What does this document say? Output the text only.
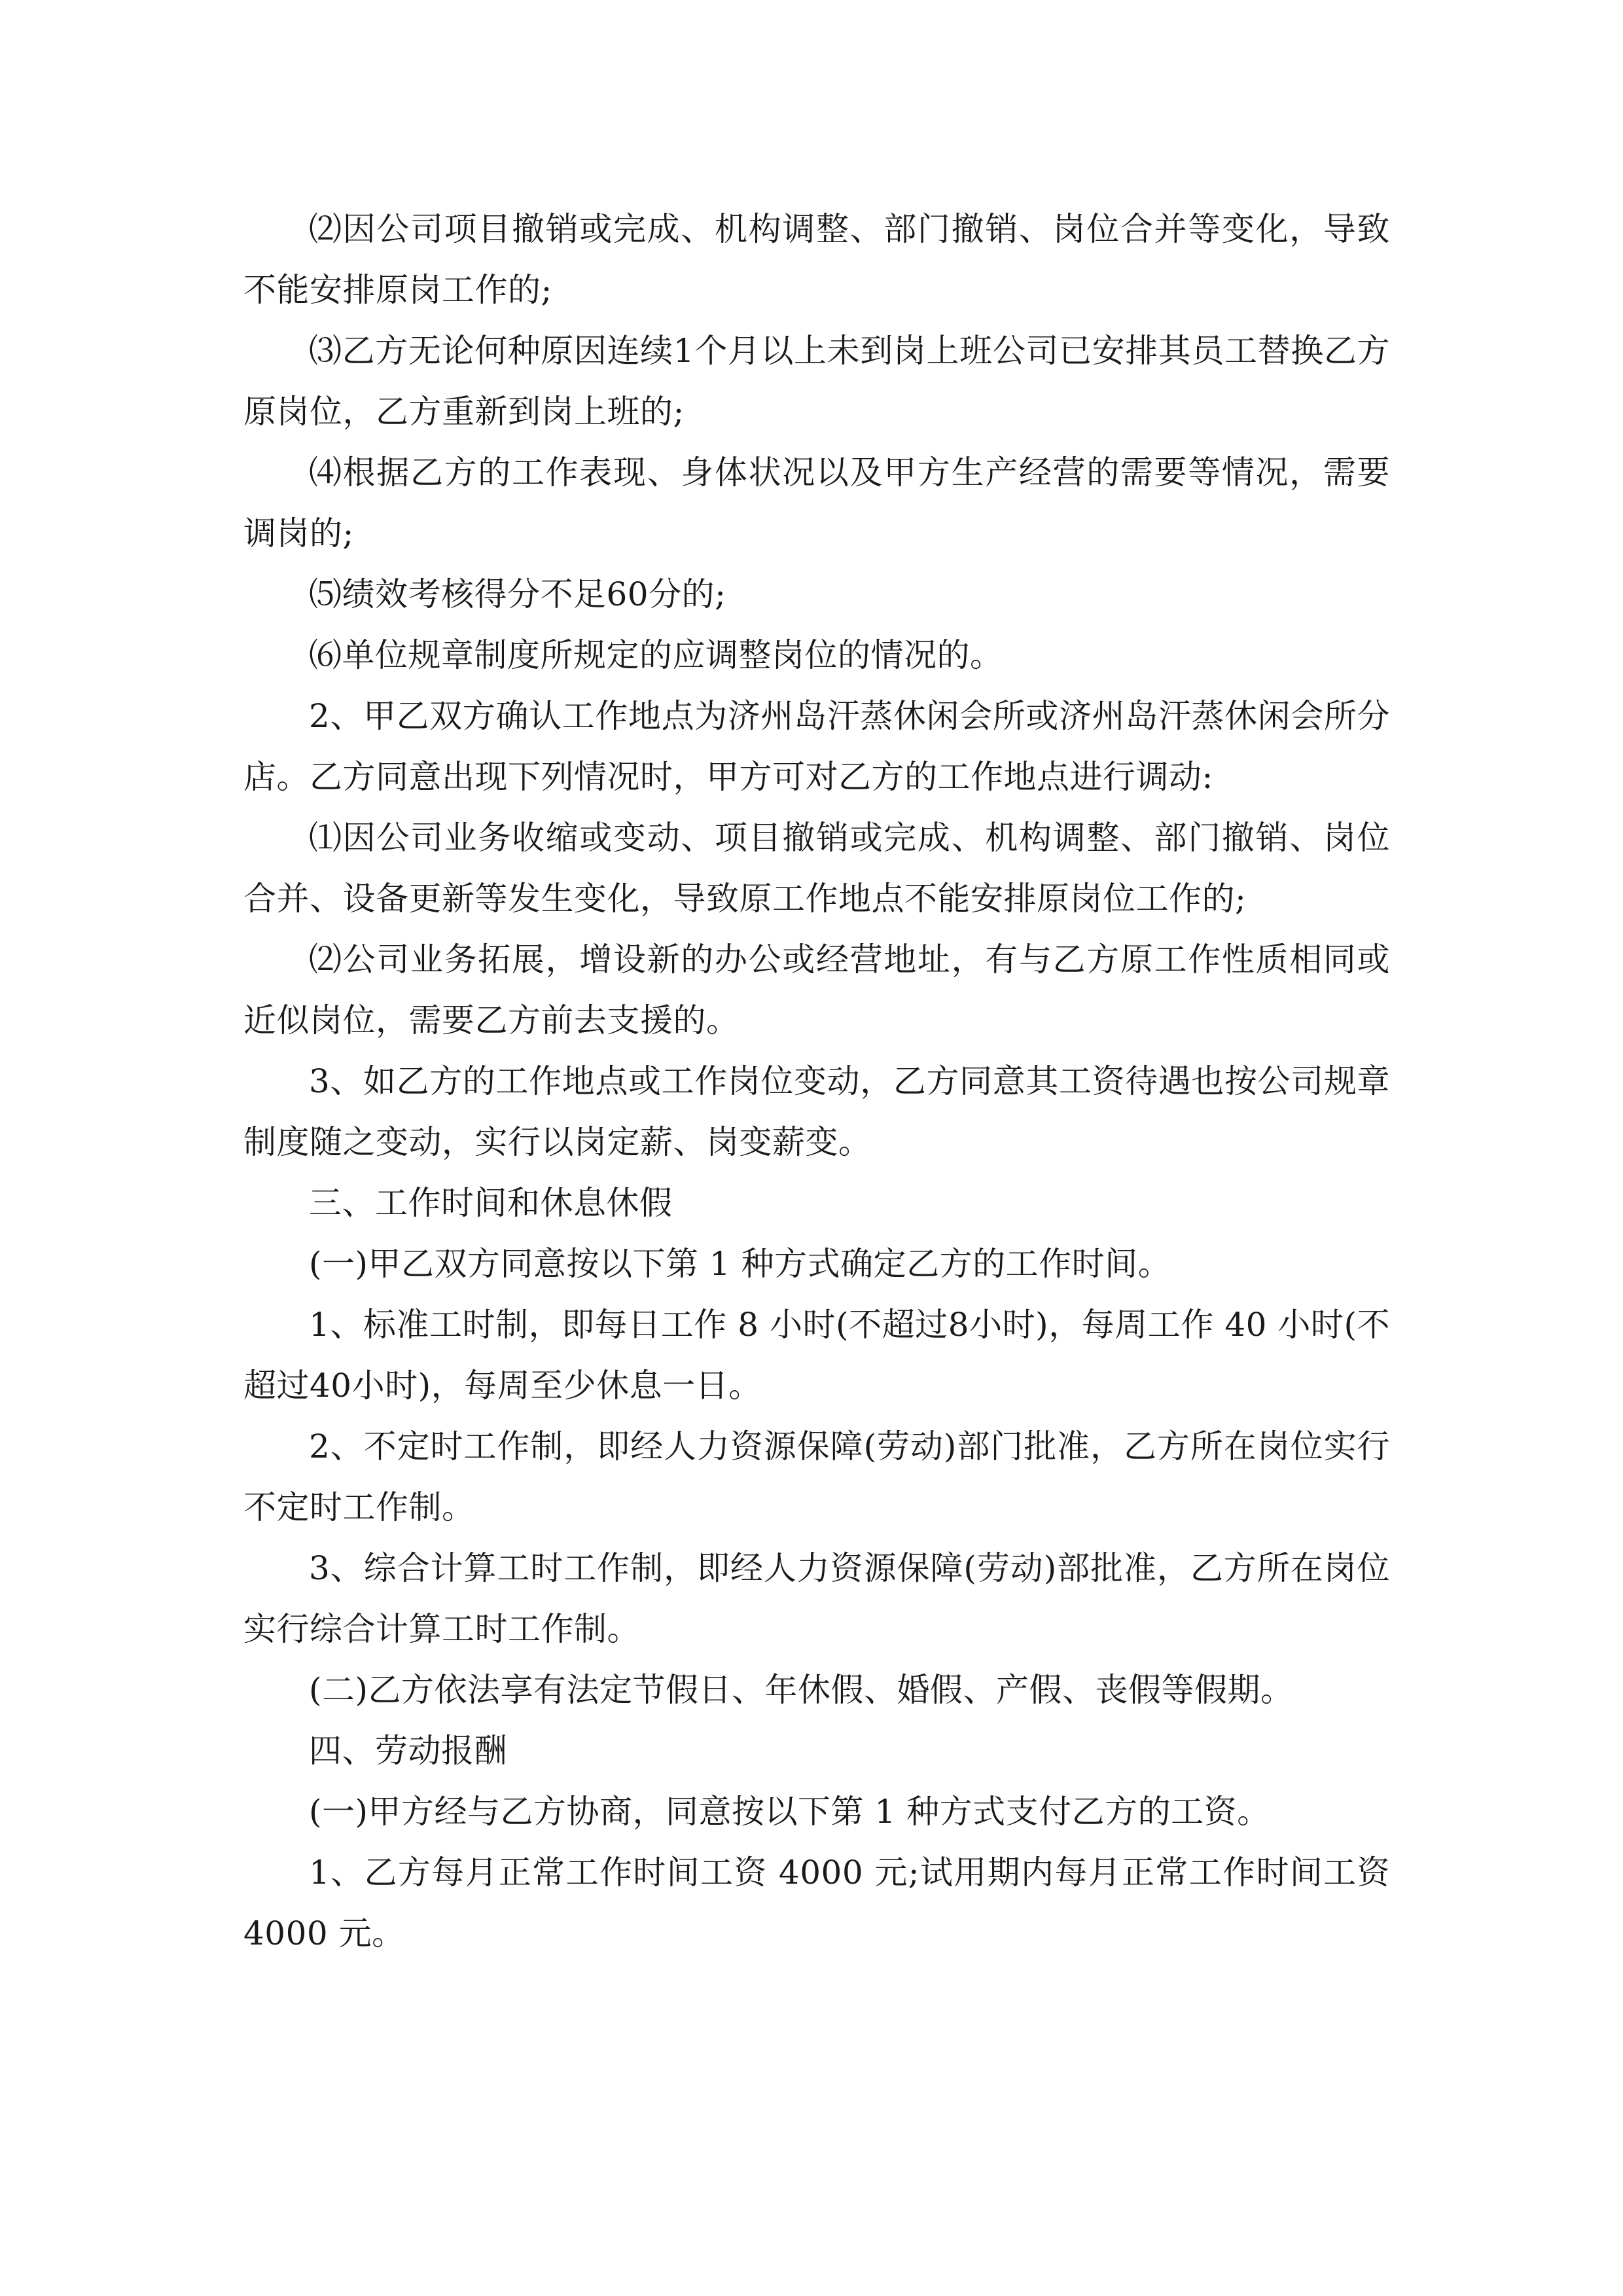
⑵因公司项目撤销或完成、机构调整、部门撤销、岗位合并等变化，导致不能安排原岗工作的;

⑶乙方无论何种原因连续1个月以上未到岗上班公司已安排其员工替换乙方原岗位，乙方重新到岗上班的;

⑷根据乙方的工作表现、身体状况以及甲方生产经营的需要等情况，需要调岗的;

⑸绩效考核得分不足60分的;

⑹单位规章制度所规定的应调整岗位的情况的。

2、甲乙双方确认工作地点为济州岛汗蒸休闲会所或济州岛汗蒸休闲会所分店。乙方同意出现下列情况时，甲方可对乙方的工作地点进行调动:

⑴因公司业务收缩或变动、项目撤销或完成、机构调整、部门撤销、岗位合并、设备更新等发生变化，导致原工作地点不能安排原岗位工作的;

⑵公司业务拓展，增设新的办公或经营地址，有与乙方原工作性质相同或近似岗位，需要乙方前去支援的。

3、如乙方的工作地点或工作岗位变动，乙方同意其工资待遇也按公司规章制度随之变动，实行以岗定薪、岗变薪变。

三、工作时间和休息休假

(一)甲乙双方同意按以下第 1 种方式确定乙方的工作时间。

1、标准工时制，即每日工作 8 小时(不超过8小时)，每周工作 40 小时(不超过40小时)，每周至少休息一日。

2、不定时工作制，即经人力资源保障(劳动)部门批准，乙方所在岗位实行不定时工作制。

3、综合计算工时工作制，即经人力资源保障(劳动)部批准，乙方所在岗位实行综合计算工时工作制。

(二)乙方依法享有法定节假日、年休假、婚假、产假、丧假等假期。

四、劳动报酬

(一)甲方经与乙方协商，同意按以下第 1 种方式支付乙方的工资。

1、乙方每月正常工作时间工资 4000 元;试用期内每月正常工作时间工资4000 元。
